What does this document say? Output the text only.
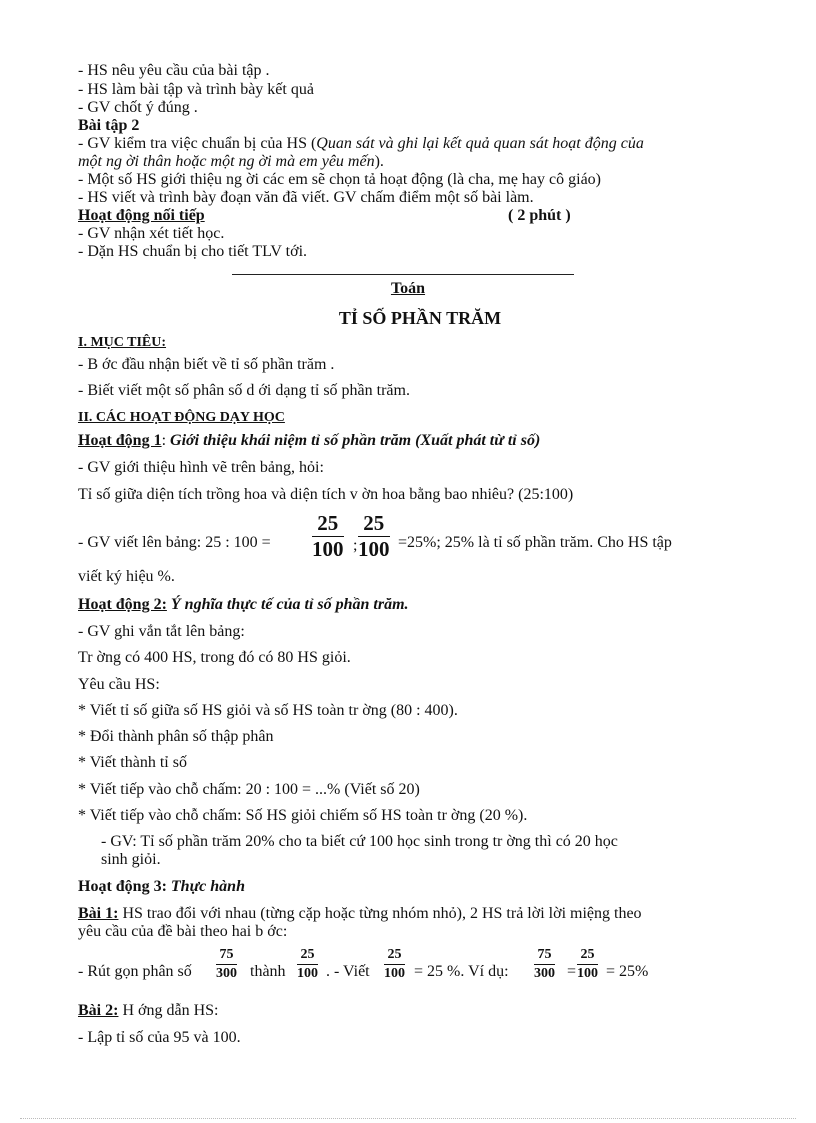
- HS nêu yêu cầu của bài tập .
- HS làm bài tập và trình bày kết quả
- GV chốt ý đúng .
Bài tập 2
- GV kiểm tra việc chuẩn bị của HS (Quan sát và ghi lại kết quả quan sát hoạt động của
một ng ời thân hoặc một ng ời mà em yêu mến).
- Một số HS giới thiệu ng ời các em sẽ chọn tả hoạt động (là cha, mẹ hay cô giáo)
- HS viết và trình bày đoạn văn đã viết. GV chấm điểm một số bài làm.
Hoạt động nối tiếp	( 2 phút )
- GV nhận xét tiết học.
- Dặn HS chuẩn bị cho tiết TLV tới.
Toán
TỈ SỐ PHẦN TRĂM
I. MỤC TIÊU:
- B ớc đầu nhận biết về tỉ số phần trăm .
- Biết viết một số phân số d ới dạng tỉ số phần trăm.
II. CÁC HOẠT ĐỘNG DẠY HỌC
Hoạt động 1: Giới thiệu khái niệm tỉ số phần trăm (Xuất phát từ tỉ số)
- GV giới thiệu hình vẽ trên bảng, hỏi:
Tỉ số giữa diện tích trồng hoa và diện tích v ờn hoa bằng bao nhiêu? (25:100)
- GV viết lên bảng: 25 : $100 = \frac{25}{100}$ ; $\frac{25}{100} =25\%$; 25% là tỉ số phần trăm. Cho HS tập
viết ký hiệu %.
Hoạt động 2: Ý nghĩa thực tế của tỉ số phần trăm.
- GV ghi vắn tắt lên bảng:
Tr ờng có 400 HS, trong đó có 80 HS giỏi.
Yêu cầu HS:
* Viết tỉ số giữa số HS giỏi và số HS toàn tr ờng (80 : 400).
* Đổi thành phân số thập phân
* Viết thành tỉ số
* Viết tiếp vào chỗ chấm: 20 : 100 = ...% (Viết số 20)
* Viết tiếp vào chỗ chấm: Số HS giỏi chiếm số HS toàn tr ờng (20 %).
- GV: Tỉ số phần trăm 20% cho ta biết cứ 100 học sinh trong tr ờng thì có 20 học
sinh giỏi.
Hoạt động 3: Thực hành
Bài 1: HS trao đổi với nhau (từng cặp hoặc từng nhóm nhỏ), 2 HS trả lời lời miệng theo
yêu cầu của đề bài theo hai b ớc:
- Rút gọn phân số $\frac{75}{300}$ thành $\frac{25}{100}$ . - Viết $\frac{25}{100} = 25$ %. Ví dụ: $\frac{75}{300} = \frac{25}{100} = 25\%$
Bài 2: H ớng dẫn HS:
- Lập tỉ số của 95 và 100.
